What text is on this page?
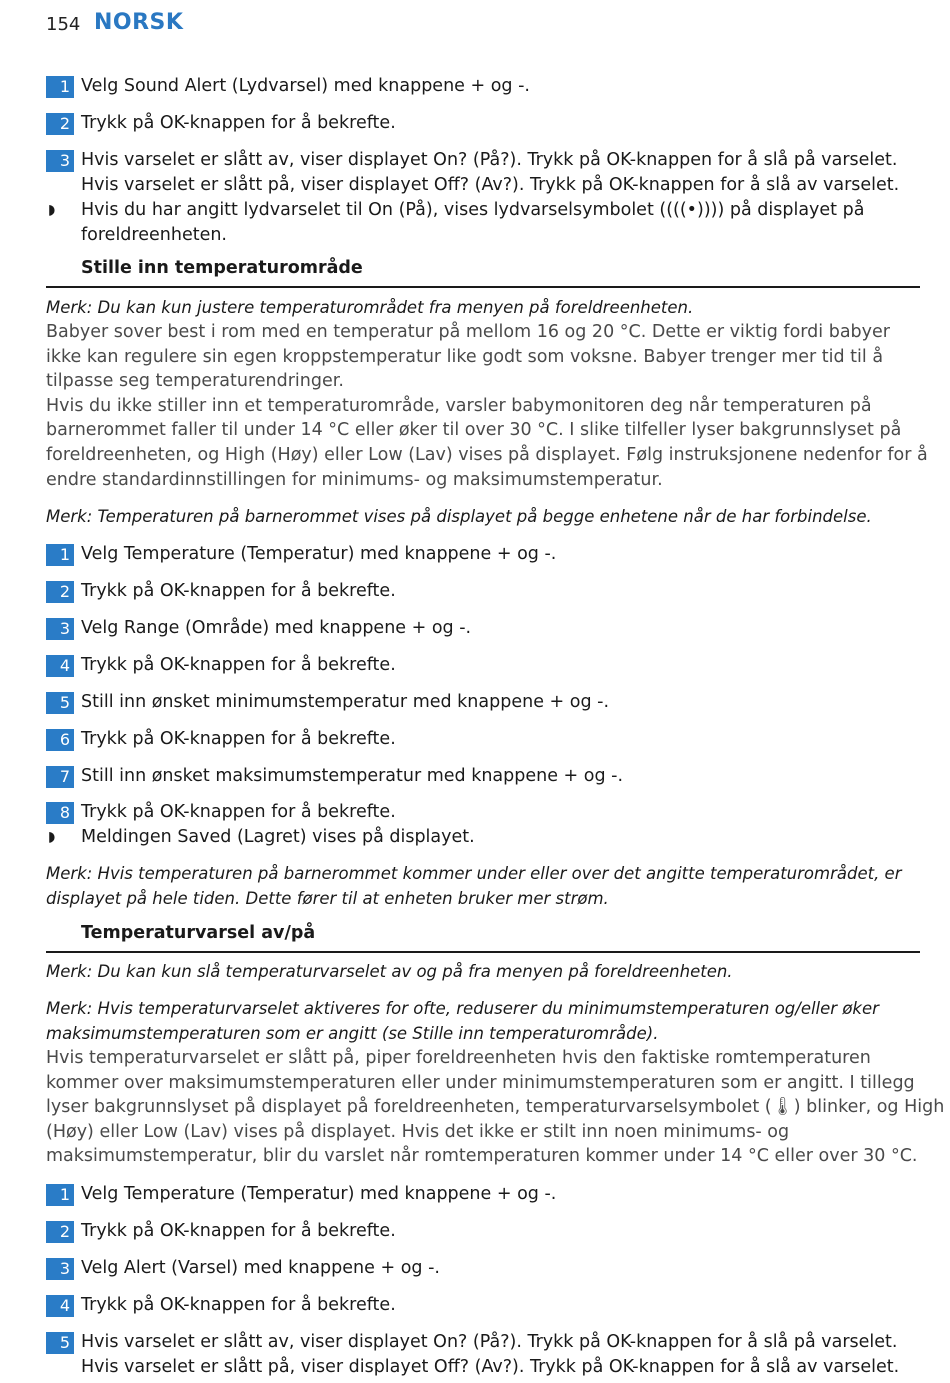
154 NORSK
1 Velg Sound Alert (Lydvarsel) med knappene + og -.
2 Trykk på OK-knappen for å bekrefte.
3 Hvis varselet er slått av, viser displayet On? (På?). Trykk på OK-knappen for å slå på varselet.
Hvis varselet er slått på, viser displayet Off? (Av?). Trykk på OK-knappen for å slå av varselet.
◗ Hvis du har angitt lydvarselet til On (På), vises lydvarselsymbolet ((((•)))) på displayet på
foreldreenheten.
Stille inn temperaturområde
Merk: Du kan kun justere temperaturområdet fra menyen på foreldreenheten.
Babyer sover best i rom med en temperatur på mellom 16 og 20 °C. Dette er viktig fordi babyer
ikke kan regulere sin egen kroppstemperatur like godt som voksne. Babyer trenger mer tid til å
tilpasse seg temperaturendringer.
Hvis du ikke stiller inn et temperaturområde, varsler babymonitoren deg når temperaturen på
barnerommet faller til under 14 °C eller øker til over 30 °C. I slike tilfeller lyser bakgrunnslyset på
foreldreenheten, og High (Høy) eller Low (Lav) vises på displayet. Følg instruksjonene nedenfor for å
endre standardinnstillingen for minimums- og maksimumstemperatur.
Merk: Temperaturen på barnerommet vises på displayet på begge enhetene når de har forbindelse.
1 Velg Temperature (Temperatur) med knappene + og -.
2 Trykk på OK-knappen for å bekrefte.
3 Velg Range (Område) med knappene + og -.
4 Trykk på OK-knappen for å bekrefte.
5 Still inn ønsket minimumstemperatur med knappene + og -.
6 Trykk på OK-knappen for å bekrefte.
7 Still inn ønsket maksimumstemperatur med knappene + og -.
8 Trykk på OK-knappen for å bekrefte.
◗ Meldingen Saved (Lagret) vises på displayet.
Merk: Hvis temperaturen på barnerommet kommer under eller over det angitte temperaturområdet, er
displayet på hele tiden. Dette fører til at enheten bruker mer strøm.
Temperaturvarsel av/på
Merk: Du kan kun slå temperaturvarselet av og på fra menyen på foreldreenheten.
Merk: Hvis temperaturvarselet aktiveres for ofte, reduserer du minimumstemperaturen og/eller øker
maksimumstemperaturen som er angitt (se Stille inn temperaturområde).
Hvis temperaturvarselet er slått på, piper foreldreenheten hvis den faktiske romtemperaturen
kommer over maksimumstemperaturen eller under minimumstemperaturen som er angitt. I tillegg
lyser bakgrunnslyset på displayet på foreldreenheten, temperaturvarselsymbolet (🌡) blinker, og High
(Høy) eller Low (Lav) vises på displayet. Hvis det ikke er stilt inn noen minimums- og
maksimumstemperatur, blir du varslet når romtemperaturen kommer under 14 °C eller over 30 °C.
1 Velg Temperature (Temperatur) med knappene + og -.
2 Trykk på OK-knappen for å bekrefte.
3 Velg Alert (Varsel) med knappene + og -.
4 Trykk på OK-knappen for å bekrefte.
5 Hvis varselet er slått av, viser displayet On? (På?). Trykk på OK-knappen for å slå på varselet.
Hvis varselet er slått på, viser displayet Off? (Av?). Trykk på OK-knappen for å slå av varselet.
